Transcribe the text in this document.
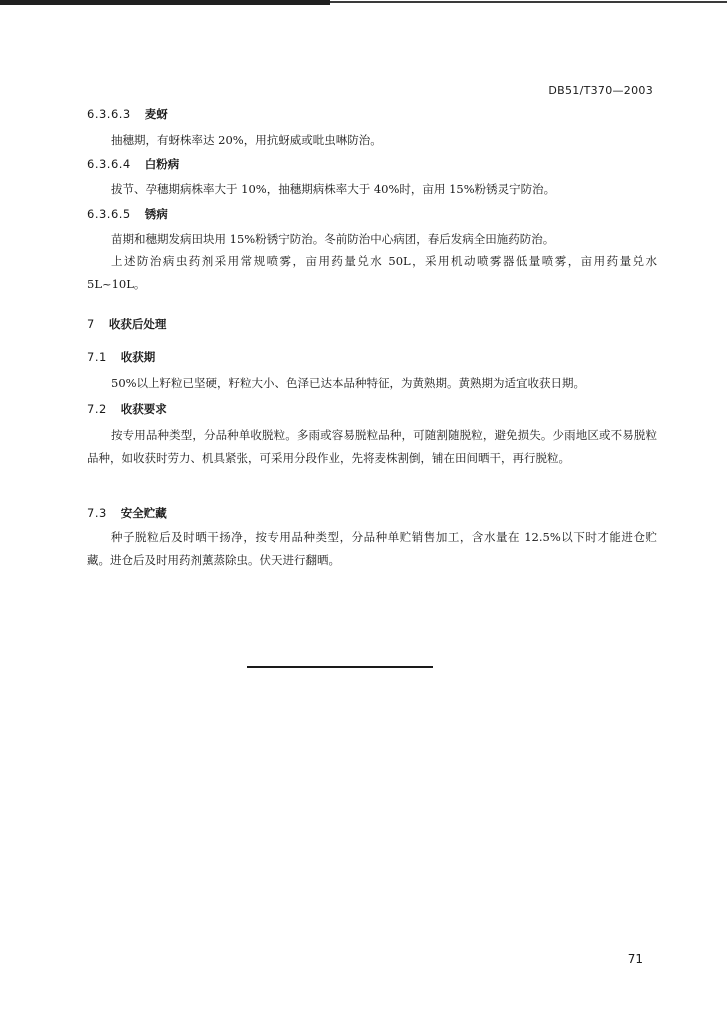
DB51/T370—2003
6.3.6.3 麦蚜
抽穗期，有蚜株率达 20%，用抗蚜威或吡虫啉防治。
6.3.6.4 白粉病
拔节、孕穗期病株率大于 10%，抽穗期病株率大于 40%时，亩用 15%粉锈灵宁防治。
6.3.6.5 锈病
苗期和穗期发病田块用 15%粉锈宁防治。冬前防治中心病团，春后发病全田施药防治。
上述防治病虫药剂采用常规喷雾，亩用药量兑水 50L，采用机动喷雾器低量喷雾，亩用药量兑水 5L~10L。
7 收获后处理
7.1 收获期
50%以上籽粒已坚硬，籽粒大小、色泽已达本品种特征，为黄熟期。黄熟期为适宜收获日期。
7.2 收获要求
按专用品种类型，分品种单收脱粒。多雨或容易脱粒品种，可随割随脱粒，避免损失。少雨地区或不易脱粒品种，如收获时劳力、机具紧张，可采用分段作业，先将麦株割倒，铺在田间晒干，再行脱粒。
7.3 安全贮藏
种子脱粒后及时晒干扬净，按专用品种类型，分品种单贮销售加工，含水量在 12.5%以下时才能进仓贮藏。进仓后及时用药剂薰蒸除虫。伏天进行翻晒。
71
